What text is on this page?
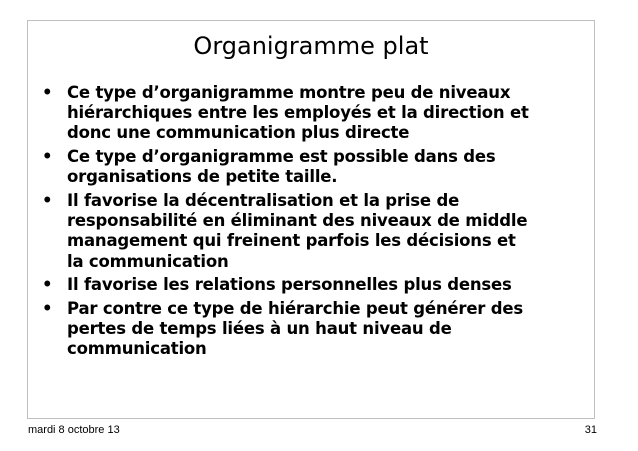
Organigramme plat
• Ce type d’organigramme montre peu de niveaux
hiérarchiques entre les employés et la direction et
donc une communication plus directe
• Ce type d’organigramme est possible dans des
organisations de petite taille.
• Il favorise la décentralisation et la prise de
responsabilité en éliminant des niveaux de middle
management qui freinent parfois les décisions et
la communication
• Il favorise les relations personnelles plus denses
• Par contre ce type de hiérarchie peut générer des
pertes de temps liées à un haut niveau de
communication
mardi 8 octobre 13	31
